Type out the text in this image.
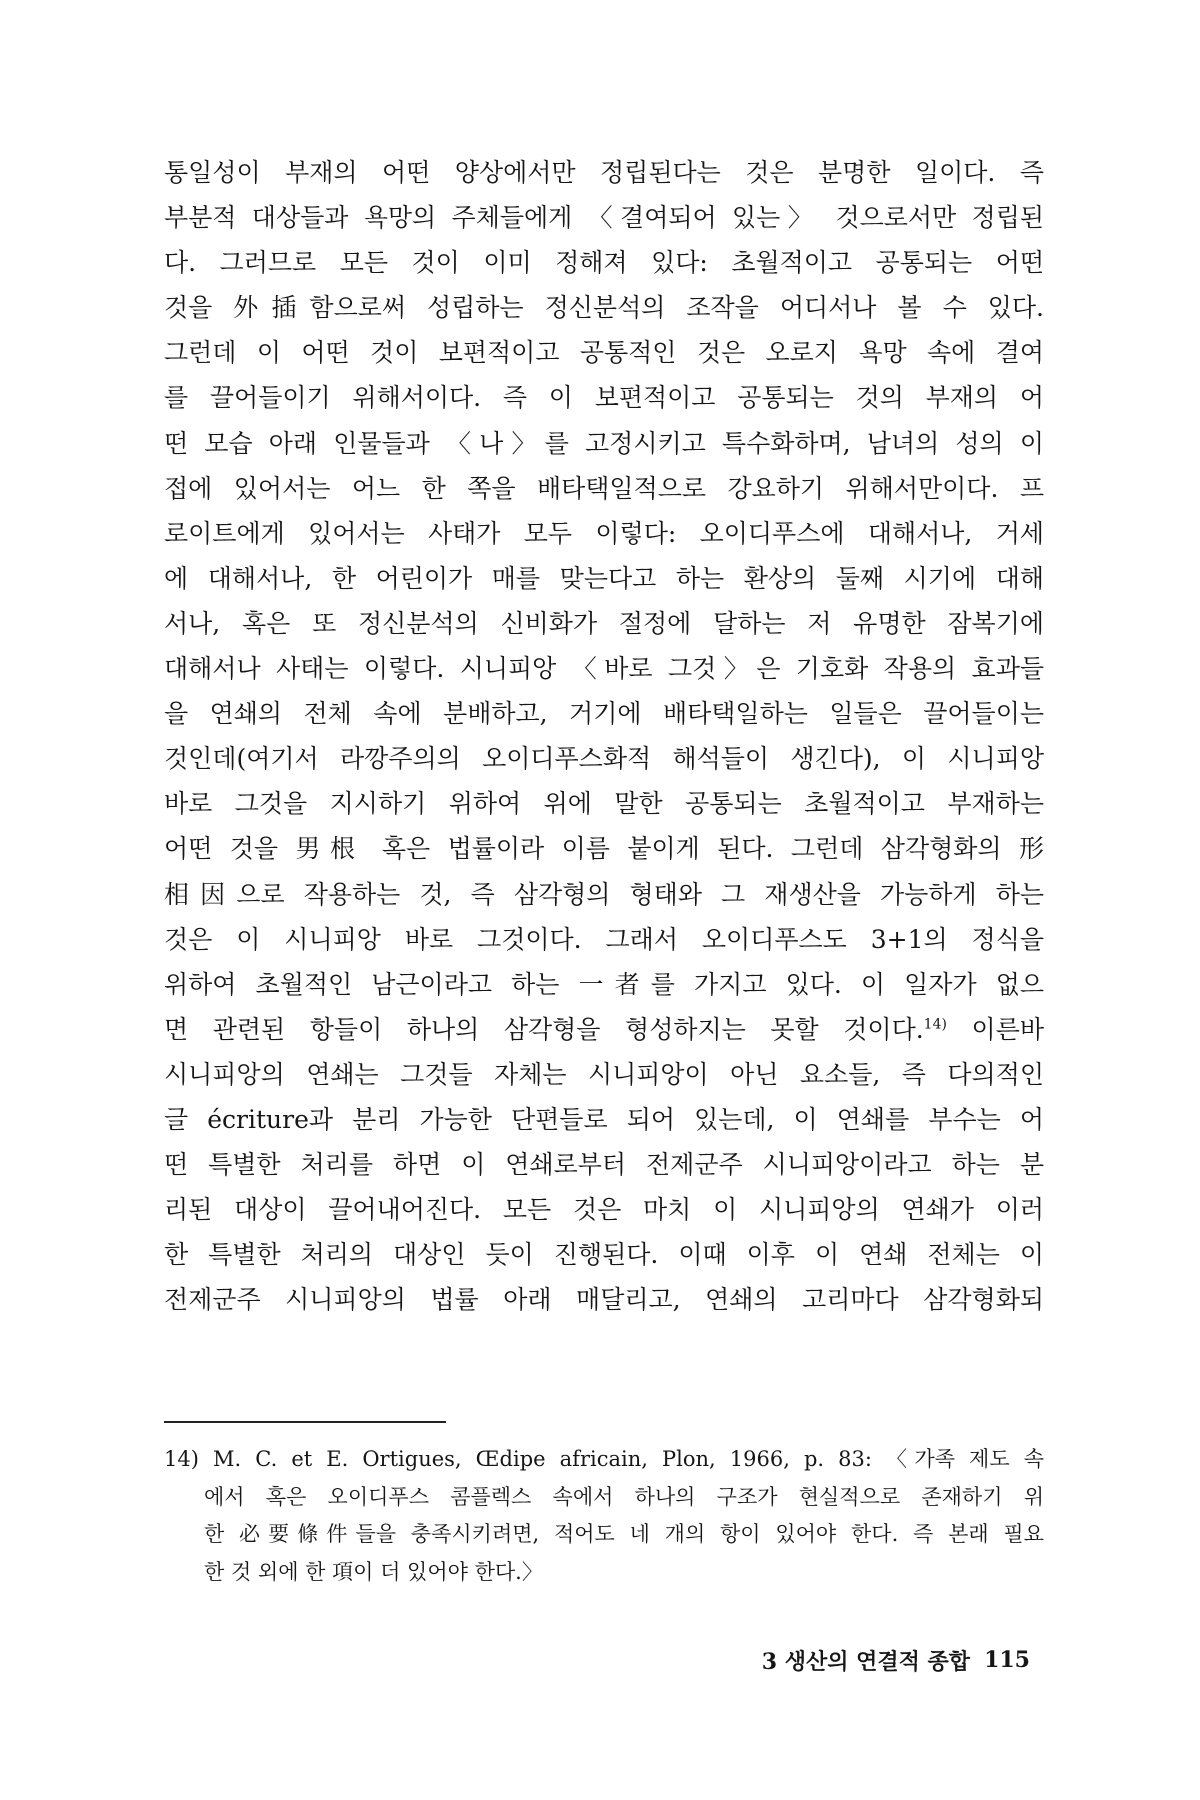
통일성이 부재의 어떤 양상에서만 정립된다는 것은 분명한 일이다. 즉
부분적 대상들과 욕망의 주체들에게 〈결여되어 있는〉 것으로서만 정립된
다. 그러므로 모든 것이 이미 정해져 있다: 초월적이고 공통되는 어떤
것을 外插함으로써 성립하는 정신분석의 조작을 어디서나 볼 수 있다.
그런데 이 어떤 것이 보편적이고 공통적인 것은 오로지 욕망 속에 결여
를 끌어들이기 위해서이다. 즉 이 보편적이고 공통되는 것의 부재의 어
떤 모습 아래 인물들과 〈나〉를 고정시키고 특수화하며, 남녀의 성의 이
접에 있어서는 어느 한 쪽을 배타택일적으로 강요하기 위해서만이다. 프
로이트에게 있어서는 사태가 모두 이렇다: 오이디푸스에 대해서나, 거세
에 대해서나, 한 어린이가 매를 맞는다고 하는 환상의 둘째 시기에 대해
서나, 혹은 또 정신분석의 신비화가 절정에 달하는 저 유명한 잠복기에
대해서나 사태는 이렇다. 시니피앙 〈바로 그것〉은 기호화 작용의 효과들
을 연쇄의 전체 속에 분배하고, 거기에 배타택일하는 일들은 끌어들이는
것인데(여기서 라깡주의의 오이디푸스화적 해석들이 생긴다), 이 시니피앙
바로 그것을 지시하기 위하여 위에 말한 공통되는 초월적이고 부재하는
어떤 것을 男根 혹은 법률이라 이름 붙이게 된다. 그런데 삼각형화의 形
相因으로 작용하는 것, 즉 삼각형의 형태와 그 재생산을 가능하게 하는
것은 이 시니피앙 바로 그것이다. 그래서 오이디푸스도 3+1의 정식을
위하여 초월적인 남근이라고 하는 一者를 가지고 있다. 이 일자가 없으
면 관련된 항들이 하나의 삼각형을 형성하지는 못할 것이다.$^{14)}$ 이른바
시니피앙의 연쇄는 그것들 자체는 시니피앙이 아닌 요소들, 즉 다의적인
글 écriture과 분리 가능한 단편들로 되어 있는데, 이 연쇄를 부수는 어
떤 특별한 처리를 하면 이 연쇄로부터 전제군주 시니피앙이라고 하는 분
리된 대상이 끌어내어진다. 모든 것은 마치 이 시니피앙의 연쇄가 이러
한 특별한 처리의 대상인 듯이 진행된다. 이때 이후 이 연쇄 전체는 이
전제군주 시니피앙의 법률 아래 매달리고, 연쇄의 고리마다 삼각형화되
14) M. C. et E. Ortigues, Œdipe africain, Plon, 1966, p. 83: 〈가족 제도 속
에서 혹은 오이디푸스 콤플렉스 속에서 하나의 구조가 현실적으로 존재하기 위
한 必要條件들을 충족시키려면, 적어도 네 개의 항이 있어야 한다. 즉 본래 필요
한 것 외에 한 項이 더 있어야 한다.〉
3 생산의 연결적 종합 115
